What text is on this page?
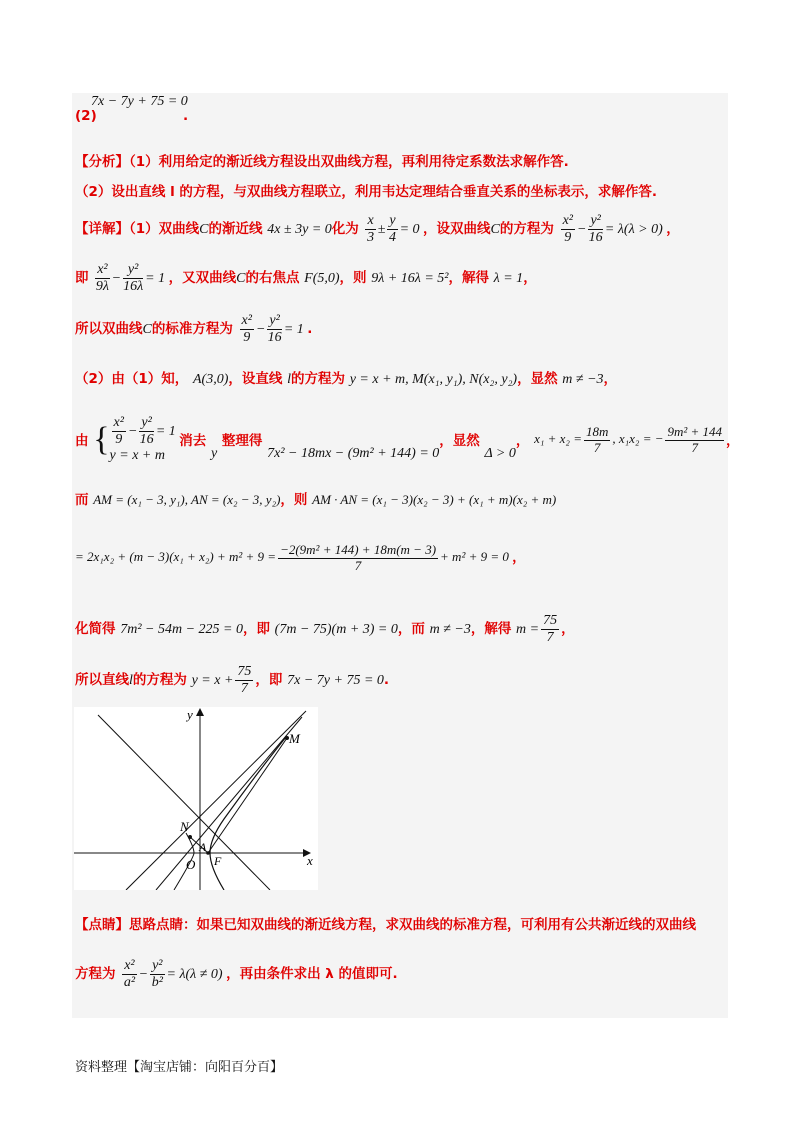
7x − 7y + 75 = 0
(2)	.
【分析】（1）利用给定的渐近线方程设出双曲线方程，再利用待定系数法求解作答.
（2）设出直线 l 的方程，与双曲线方程联立，利用韦达定理结合垂直关系的坐标表示，求解作答.
【详解】（1）双曲线C的渐近线 4x ± 3y = 0化为 $\frac{x}{3} \pm \frac{y}{4} = 0$ ，设双曲线C的方程为 $\frac{\text{x²}}{9} - \frac{\text{y²}}{16} = \lambda(\lambda > 0)$ ，
即 $\frac{\text{x²}}{9\lambda} - \frac{\text{y²}}{16\lambda} = 1$ ，又双曲线C的右焦点 F(5,0)，则 9λ + 16λ = 5²，解得 λ = 1，
所以双曲线C的标准方程为 $\frac{\text{x²}}{9} - \frac{\text{y²}}{16} = 1$ .
（2）由（1）知， A(3,0)，设直线 l的方程为 y = x + m, M(x₁, y₁), N(x₂, y₂)，显然 m ≠ −3，
由 { $\frac{\text{x²}}{9} - \frac{\text{y²}}{16} = 1$
y = x + m
消去 y 整理得 7x² − 18mx − (9m² + 144) = 0，显然 Δ > 0， $x_1 + x_2 = \frac{18m}{7}$ , x₁x₂ = − $\frac{\text{9m² + 144}}{7}$ ，
而 AM = (x₁ − 3, y₁), AN = (x₂ − 3, y₂)，则 AM · AN = (x₁ − 3)(x₂ − 3) + (x₁ + m)(x₂ + m)
= $2x_1x_2 + (m - 3)(x_1 + x_2) + m^2 + 9 = \frac{\text{−2(9m² + 144) + 18m(m − 3)}}{7} + m^2 + 9 = 0$ ，
化简得 7m² − 54m − 225 = 0，即 (7m − 75)(m + 3) = 0，而 m ≠ −3，解得 $m = \frac{75}{7}$ ，
所以直线l的方程为 $y = x + \frac{75}{7}$ ，即 7x − 7y + 75 = 0.
y
x
M
N
O
A
F
【点睛】思路点睛：如果已知双曲线的渐近线方程，求双曲线的标准方程，可利用有公共渐近线的双曲线
方程为 $\frac{\text{x²}}{\text{a²}} - \frac{\text{y²}}{\text{b²}} = \lambda(\lambda \ne 0)$ ，再由条件求出 λ 的值即可.
资料整理【淘宝店铺：向阳百分百】
